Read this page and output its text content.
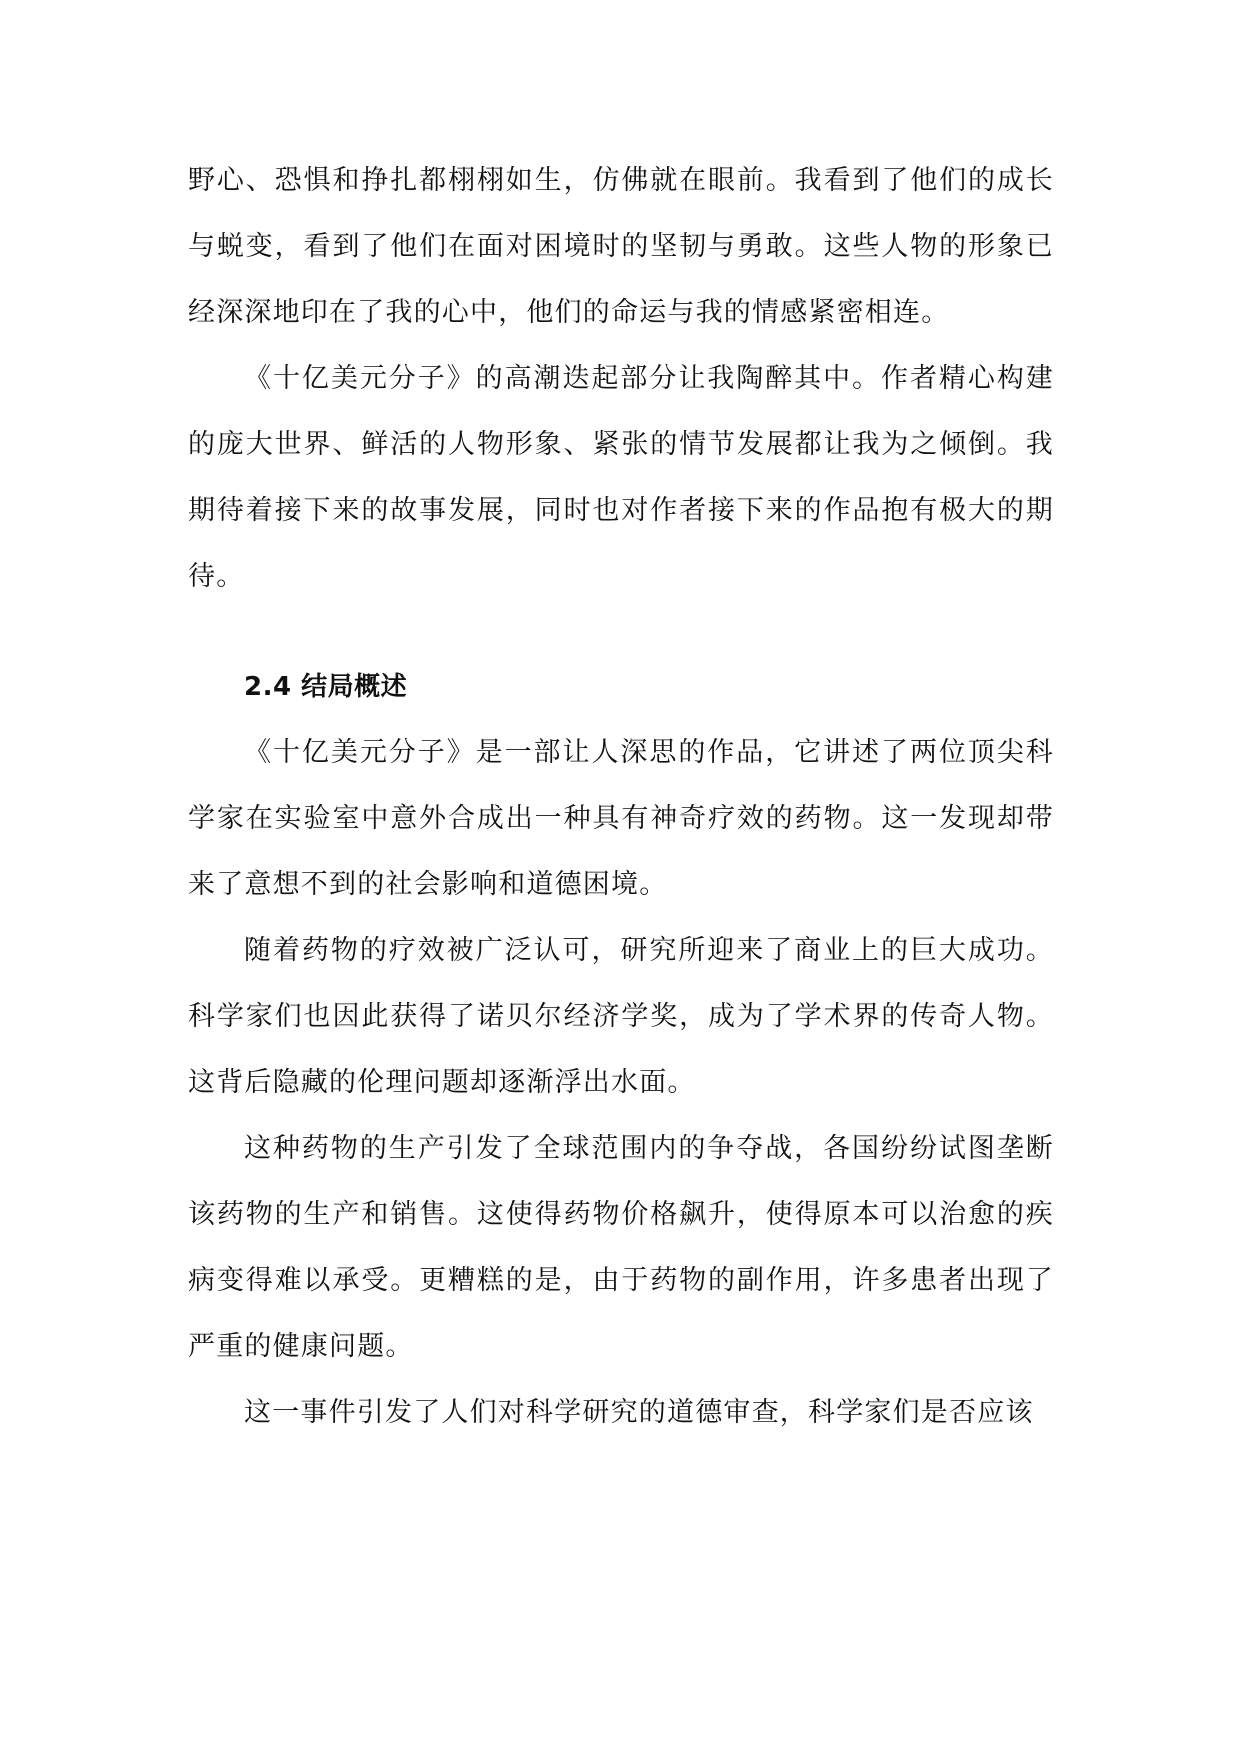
野心、恐惧和挣扎都栩栩如生，仿佛就在眼前。我看到了他们的成长与蜕变，看到了他们在面对困境时的坚韧与勇敢。这些人物的形象已经深深地印在了我的心中，他们的命运与我的情感紧密相连。

《十亿美元分子》的高潮迭起部分让我陶醉其中。作者精心构建的庞大世界、鲜活的人物形象、紧张的情节发展都让我为之倾倒。我期待着接下来的故事发展，同时也对作者接下来的作品抱有极大的期待。

2.4 结局概述

《十亿美元分子》是一部让人深思的作品，它讲述了两位顶尖科学家在实验室中意外合成出一种具有神奇疗效的药物。这一发现却带来了意想不到的社会影响和道德困境。

随着药物的疗效被广泛认可，研究所迎来了商业上的巨大成功。科学家们也因此获得了诺贝尔经济学奖，成为了学术界的传奇人物。这背后隐藏的伦理问题却逐渐浮出水面。

这种药物的生产引发了全球范围内的争夺战，各国纷纷试图垄断该药物的生产和销售。这使得药物价格飙升，使得原本可以治愈的疾病变得难以承受。更糟糕的是，由于药物的副作用，许多患者出现了严重的健康问题。

这一事件引发了人们对科学研究的道德审查，科学家们是否应该
